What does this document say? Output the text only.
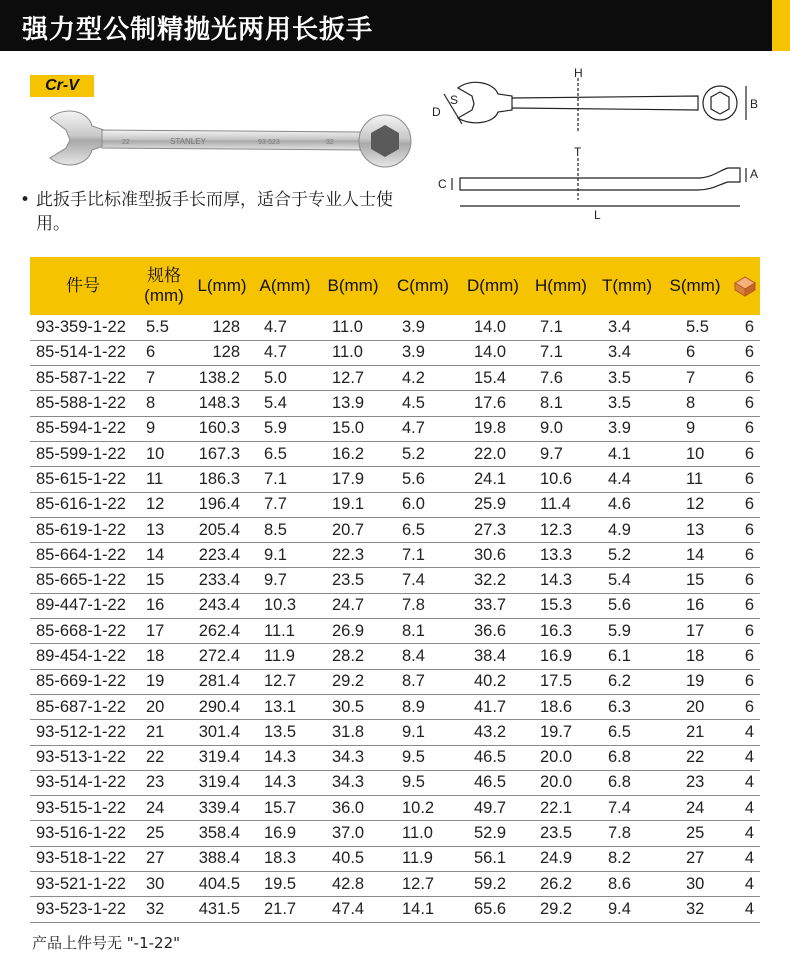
强力型公制精抛光两用长扳手
Cr-V
22	STANLEY	93-523	32
H
B
D
S
T
C
A
L
• 此扳手比标准型扳手长而厚，适合于专业人士使用。
件号	规格
(mm)	L(mm)	A(mm)	B(mm)	C(mm)	D(mm)	H(mm)	T(mm)	S(mm)	
93-359-1-22	5.5	128	4.7	11.0	3.9	14.0	7.1	3.4	5.5	6
85-514-1-22	6	128	4.7	11.0	3.9	14.0	7.1	3.4	6	6
85-587-1-22	7	138.2	5.0	12.7	4.2	15.4	7.6	3.5	7	6
85-588-1-22	8	148.3	5.4	13.9	4.5	17.6	8.1	3.5	8	6
85-594-1-22	9	160.3	5.9	15.0	4.7	19.8	9.0	3.9	9	6
85-599-1-22	10	167.3	6.5	16.2	5.2	22.0	9.7	4.1	10	6
85-615-1-22	11	186.3	7.1	17.9	5.6	24.1	10.6	4.4	11	6
85-616-1-22	12	196.4	7.7	19.1	6.0	25.9	11.4	4.6	12	6
85-619-1-22	13	205.4	8.5	20.7	6.5	27.3	12.3	4.9	13	6
85-664-1-22	14	223.4	9.1	22.3	7.1	30.6	13.3	5.2	14	6
85-665-1-22	15	233.4	9.7	23.5	7.4	32.2	14.3	5.4	15	6
89-447-1-22	16	243.4	10.3	24.7	7.8	33.7	15.3	5.6	16	6
85-668-1-22	17	262.4	11.1	26.9	8.1	36.6	16.3	5.9	17	6
89-454-1-22	18	272.4	11.9	28.2	8.4	38.4	16.9	6.1	18	6
85-669-1-22	19	281.4	12.7	29.2	8.7	40.2	17.5	6.2	19	6
85-687-1-22	20	290.4	13.1	30.5	8.9	41.7	18.6	6.3	20	6
93-512-1-22	21	301.4	13.5	31.8	9.1	43.2	19.7	6.5	21	4
93-513-1-22	22	319.4	14.3	34.3	9.5	46.5	20.0	6.8	22	4
93-514-1-22	23	319.4	14.3	34.3	9.5	46.5	20.0	6.8	23	4
93-515-1-22	24	339.4	15.7	36.0	10.2	49.7	22.1	7.4	24	4
93-516-1-22	25	358.4	16.9	37.0	11.0	52.9	23.5	7.8	25	4
93-518-1-22	27	388.4	18.3	40.5	11.9	56.1	24.9	8.2	27	4
93-521-1-22	30	404.5	19.5	42.8	12.7	59.2	26.2	8.6	30	4
93-523-1-22	32	431.5	21.7	47.4	14.1	65.6	29.2	9.4	32	4
产品上件号无 "-1-22"
